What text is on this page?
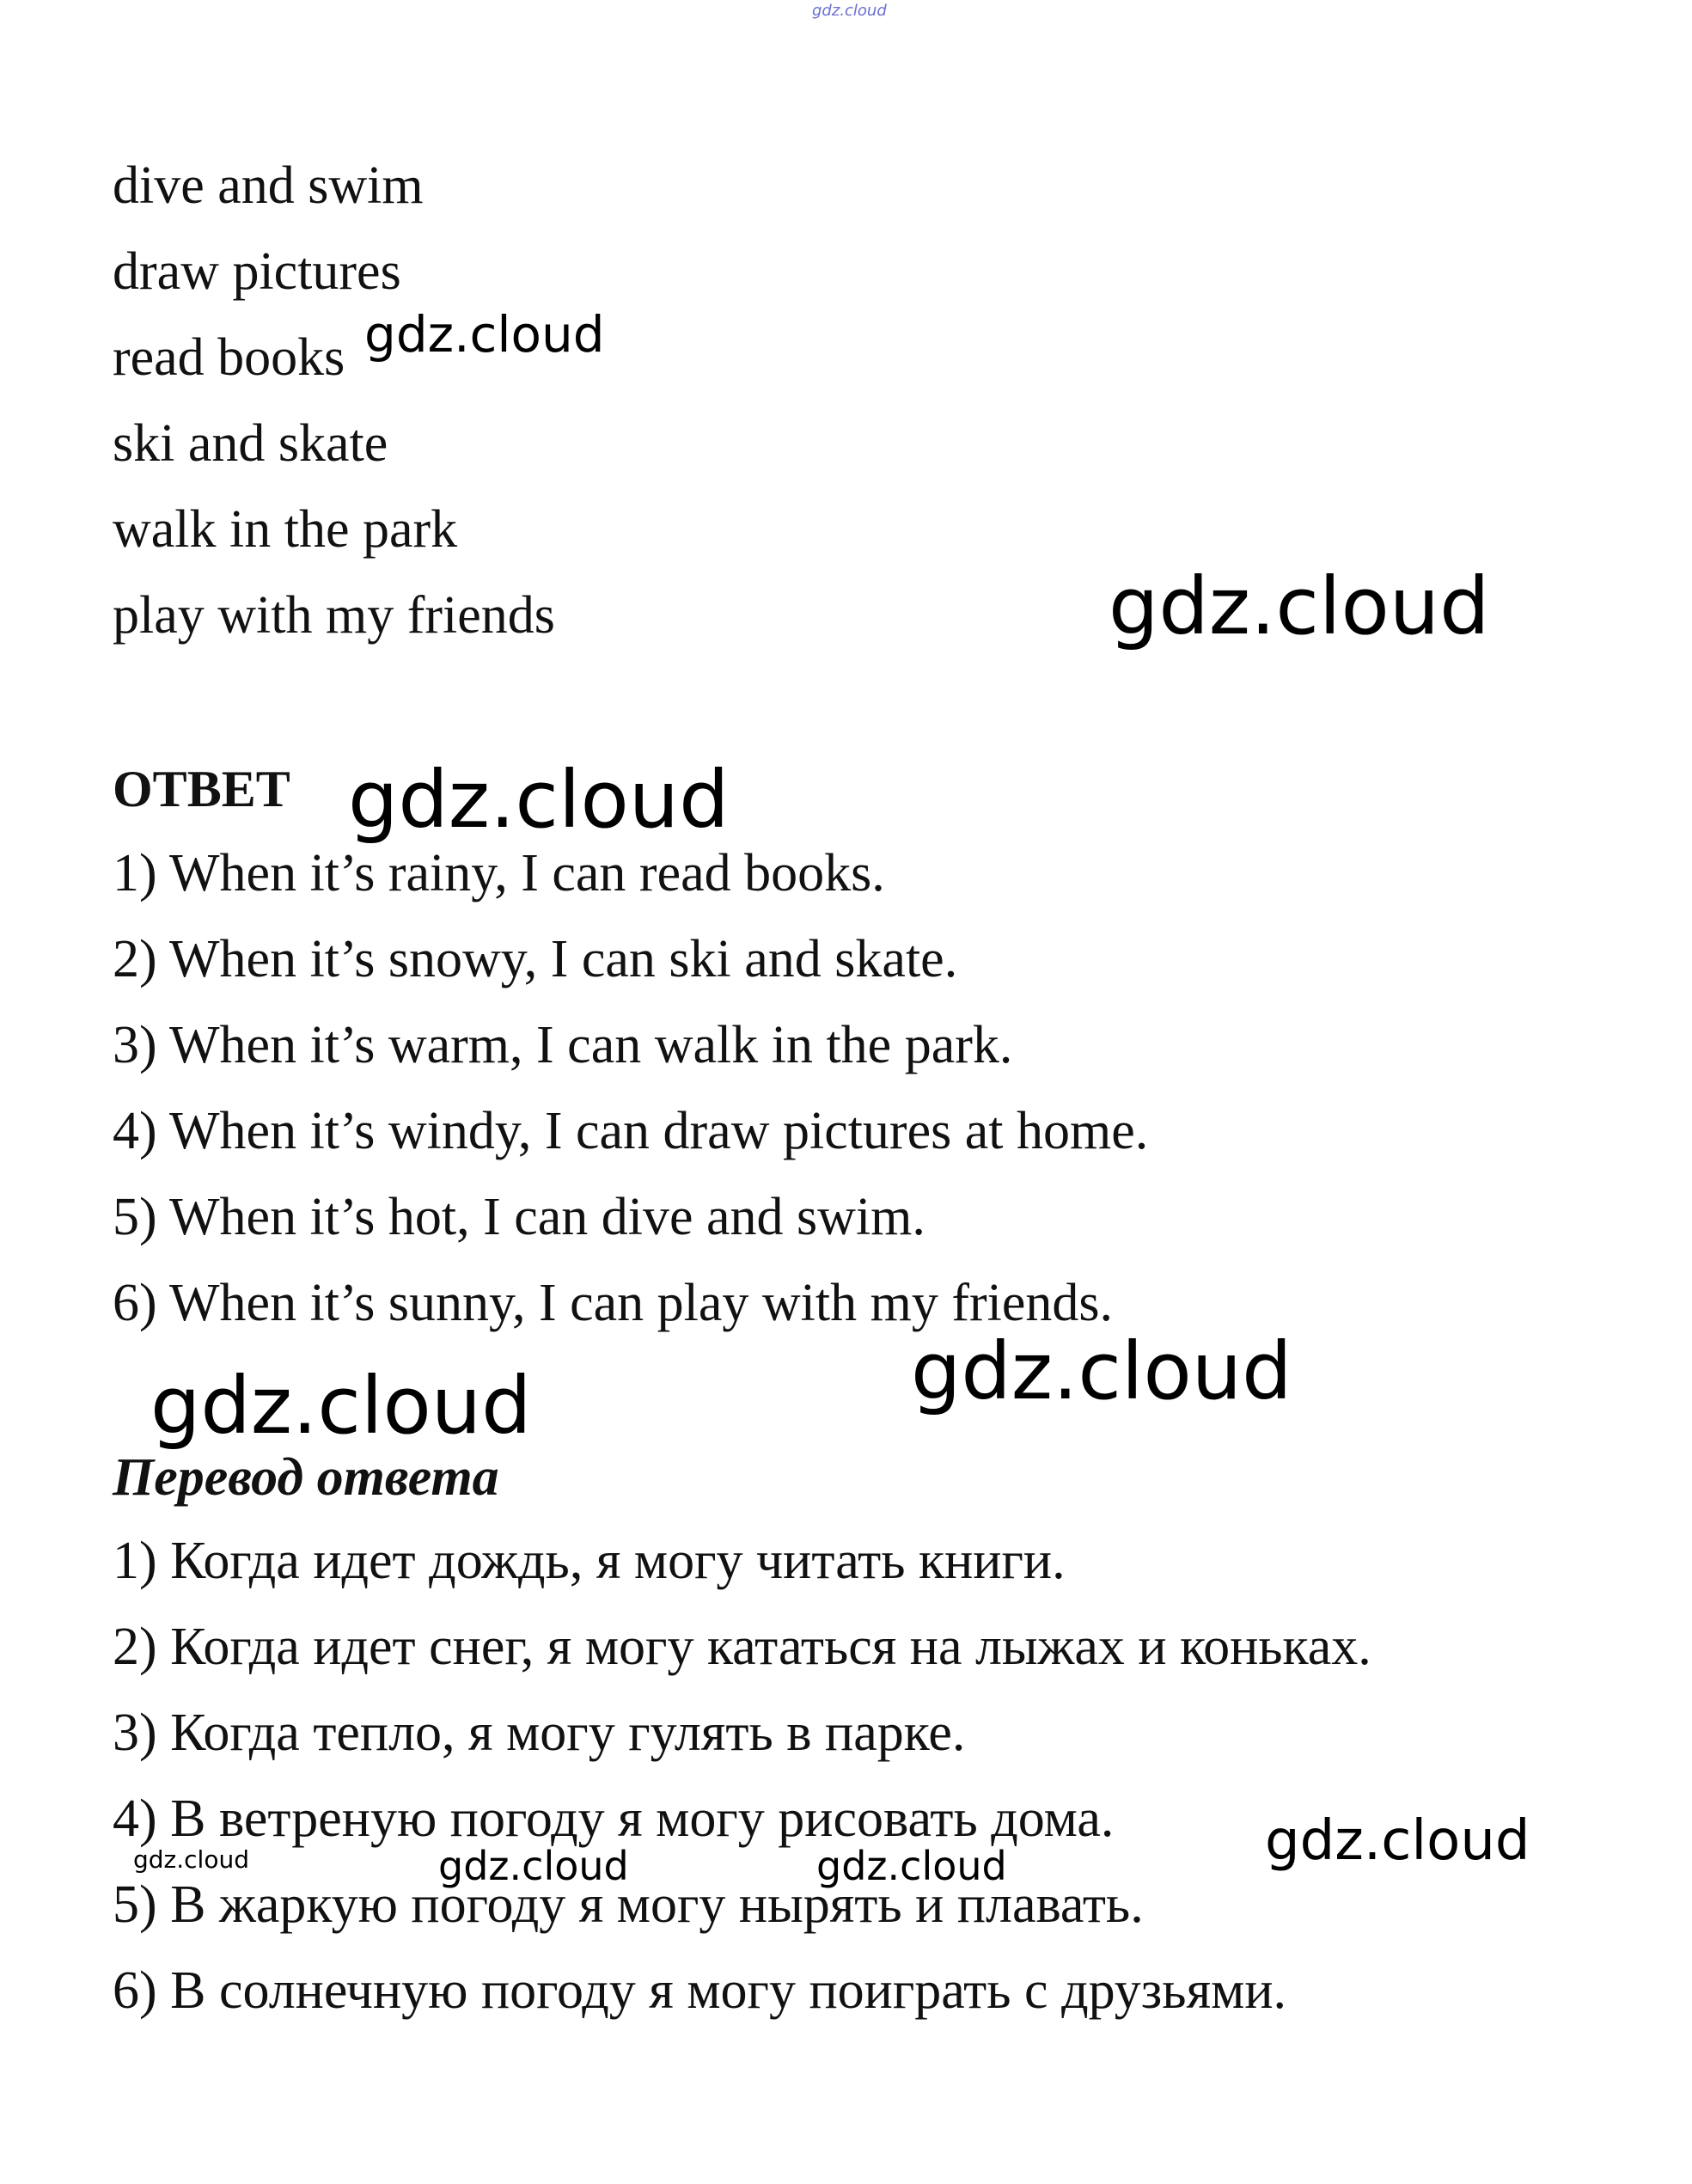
gdz.cloud
dive and swim
draw pictures
read books
ski and skate
walk in the park
play with my friends
ОТВЕТ
1) When it’s rainy, I can read books.
2) When it’s snowy, I can ski and skate.
3) When it’s warm, I can walk in the park.
4) When it’s windy, I can draw pictures at home.
5) When it’s hot, I can dive and swim.
6) When it’s sunny, I can play with my friends.
Перевод ответа
1) Когда идет дождь, я могу читать книги.
2) Когда идет снег, я могу кататься на лыжах и коньках.
3) Когда тепло, я могу гулять в парке.
4) В ветреную погоду я могу рисовать дома.
5) В жаркую погоду я могу нырять и плавать.
6) В солнечную погоду я могу поиграть с друзьями.
gdz.cloud
gdz.cloud
gdz.cloud
gdz.cloud
gdz.cloud
gdz.cloud
gdz.cloud	gdz.cloud	gdz.cloud
